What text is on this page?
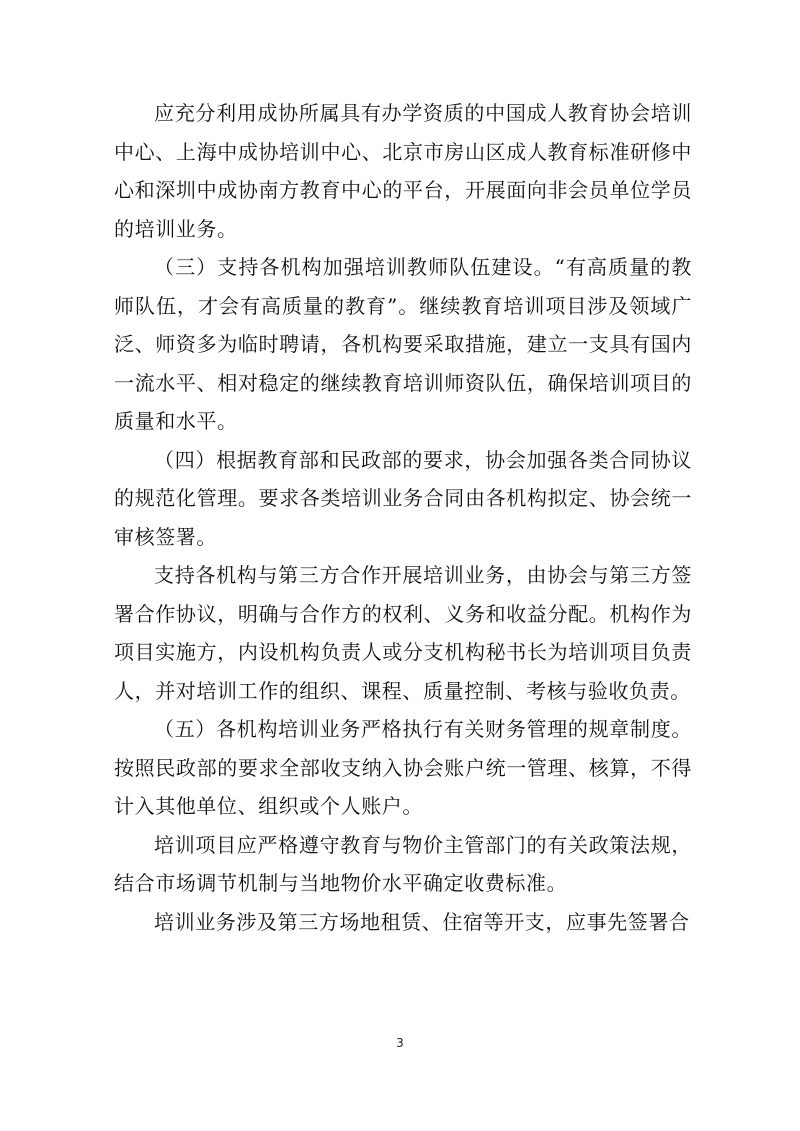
应充分利用成协所属具有办学资质的中国成人教育协会培训中心、上海中成协培训中心、北京市房山区成人教育标准研修中心和深圳中成协南方教育中心的平台，开展面向非会员单位学员的培训业务。

（三）支持各机构加强培训教师队伍建设。“有高质量的教师队伍，才会有高质量的教育”。继续教育培训项目涉及领域广泛、师资多为临时聘请，各机构要采取措施，建立一支具有国内一流水平、相对稳定的继续教育培训师资队伍，确保培训项目的质量和水平。

（四）根据教育部和民政部的要求，协会加强各类合同协议的规范化管理。要求各类培训业务合同由各机构拟定、协会统一审核签署。

支持各机构与第三方合作开展培训业务，由协会与第三方签署合作协议，明确与合作方的权利、义务和收益分配。机构作为项目实施方，内设机构负责人或分支机构秘书长为培训项目负责人，并对培训工作的组织、课程、质量控制、考核与验收负责。

（五）各机构培训业务严格执行有关财务管理的规章制度。按照民政部的要求全部收支纳入协会账户统一管理、核算，不得计入其他单位、组织或个人账户。

培训项目应严格遵守教育与物价主管部门的有关政策法规，结合市场调节机制与当地物价水平确定收费标准。

培训业务涉及第三方场地租赁、住宿等开支，应事先签署合

3
